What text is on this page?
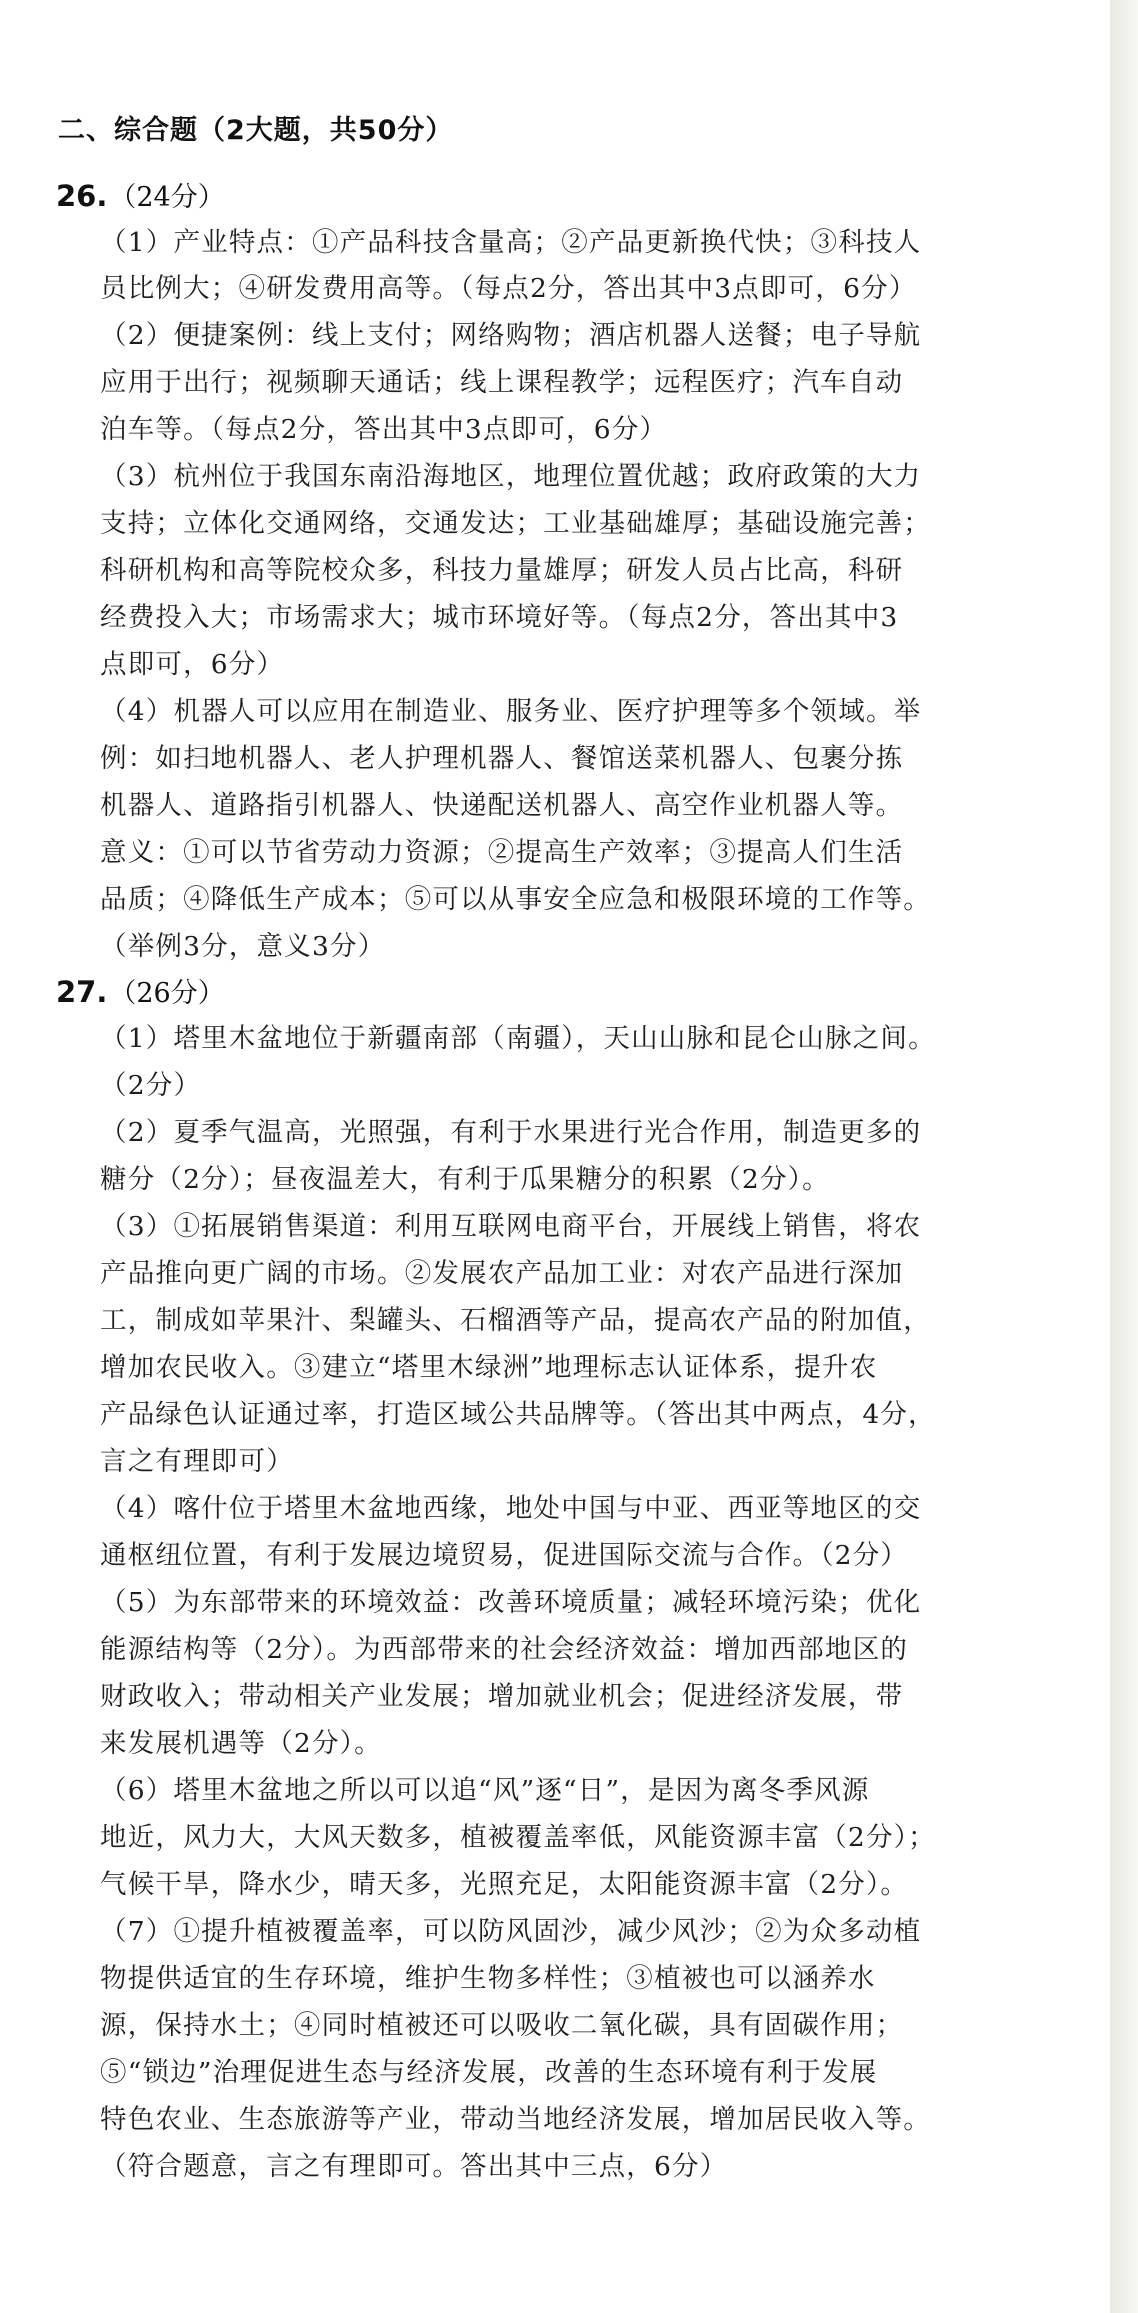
二、综合题（2大题，共50分）
26.（24分）
（1）产业特点：①产品科技含量高；②产品更新换代快；③科技人
员比例大；④研发费用高等。（每点2分，答出其中3点即可，6分）
（2）便捷案例：线上支付；网络购物；酒店机器人送餐；电子导航
应用于出行；视频聊天通话；线上课程教学；远程医疗；汽车自动
泊车等。（每点2分，答出其中3点即可，6分）
（3）杭州位于我国东南沿海地区，地理位置优越；政府政策的大力
支持；立体化交通网络，交通发达；工业基础雄厚；基础设施完善；
科研机构和高等院校众多，科技力量雄厚；研发人员占比高，科研
经费投入大；市场需求大；城市环境好等。（每点2分，答出其中3
点即可，6分）
（4）机器人可以应用在制造业、服务业、医疗护理等多个领域。举
例：如扫地机器人、老人护理机器人、餐馆送菜机器人、包裹分拣
机器人、道路指引机器人、快递配送机器人、高空作业机器人等。
意义：①可以节省劳动力资源；②提高生产效率；③提高人们生活
品质；④降低生产成本；⑤可以从事安全应急和极限环境的工作等。
（举例3分，意义3分）
27.（26分）
（1）塔里木盆地位于新疆南部（南疆），天山山脉和昆仑山脉之间。
（2分）
（2）夏季气温高，光照强，有利于水果进行光合作用，制造更多的
糖分（2分）；昼夜温差大，有利于瓜果糖分的积累（2分）。
（3）①拓展销售渠道：利用互联网电商平台，开展线上销售，将农
产品推向更广阔的市场。②发展农产品加工业：对农产品进行深加
工，制成如苹果汁、梨罐头、石榴酒等产品，提高农产品的附加值，
增加农民收入。③建立“塔里木绿洲”地理标志认证体系，提升农
产品绿色认证通过率，打造区域公共品牌等。（答出其中两点，4分，
言之有理即可）
（4）喀什位于塔里木盆地西缘，地处中国与中亚、西亚等地区的交
通枢纽位置，有利于发展边境贸易，促进国际交流与合作。（2分）
（5）为东部带来的环境效益：改善环境质量；减轻环境污染；优化
能源结构等（2分）。为西部带来的社会经济效益：增加西部地区的
财政收入；带动相关产业发展；增加就业机会；促进经济发展，带
来发展机遇等（2分）。
（6）塔里木盆地之所以可以追“风”逐“日”，是因为离冬季风源
地近，风力大，大风天数多，植被覆盖率低，风能资源丰富（2分）；
气候干旱，降水少，晴天多，光照充足，太阳能资源丰富（2分）。
（7）①提升植被覆盖率，可以防风固沙，减少风沙；②为众多动植
物提供适宜的生存环境，维护生物多样性；③植被也可以涵养水
源，保持水土；④同时植被还可以吸收二氧化碳，具有固碳作用；
⑤“锁边”治理促进生态与经济发展，改善的生态环境有利于发展
特色农业、生态旅游等产业，带动当地经济发展，增加居民收入等。
（符合题意，言之有理即可。答出其中三点，6分）
